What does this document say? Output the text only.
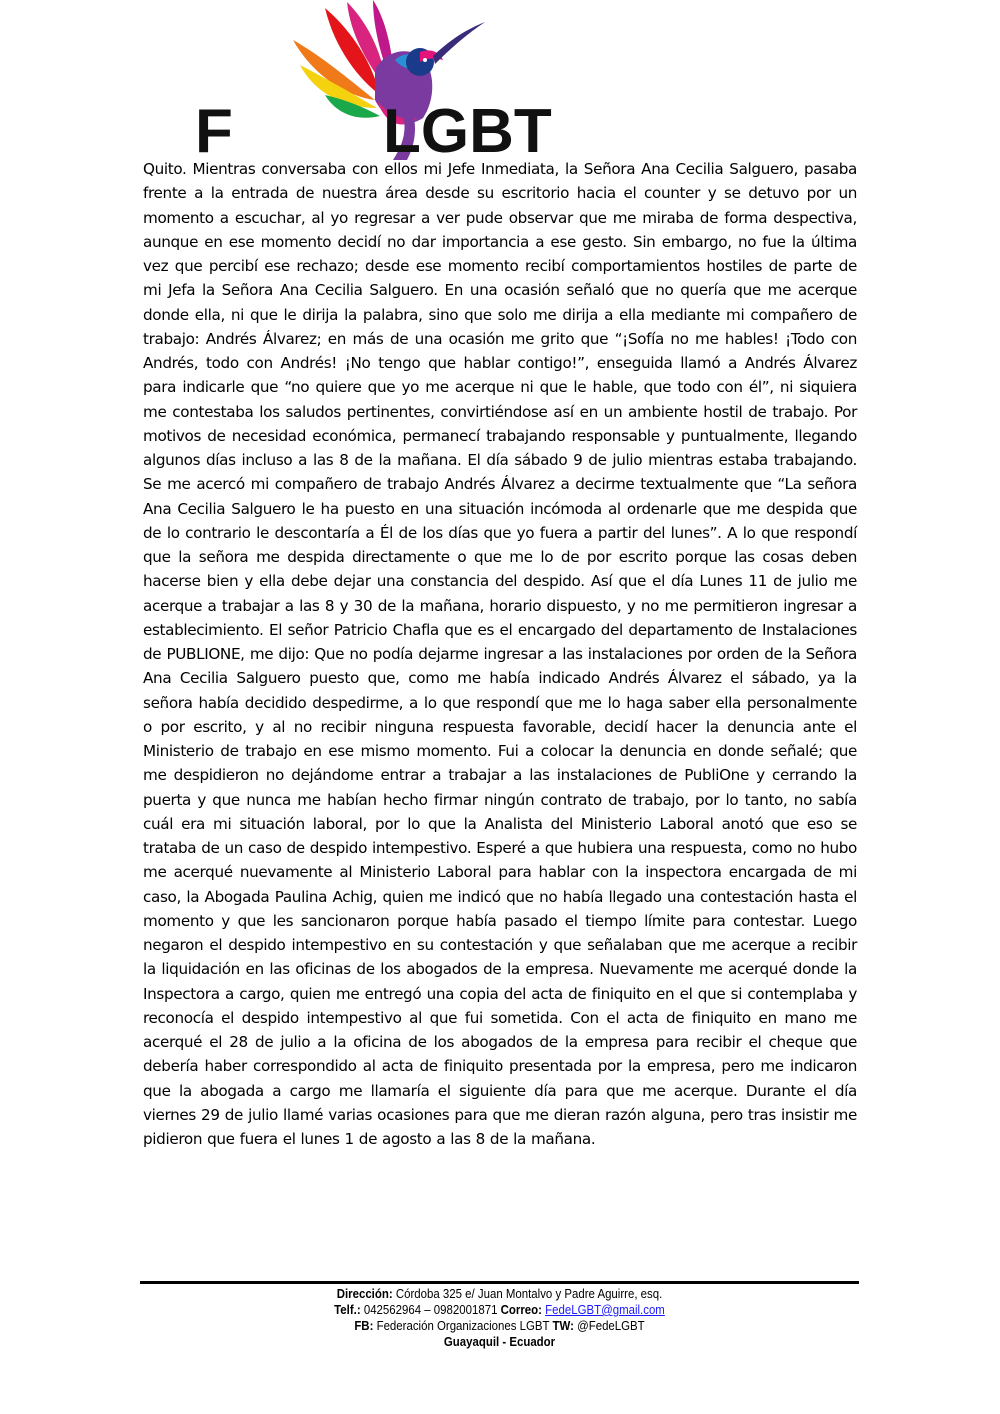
LGBT
F

Quito. Mientras conversaba con ellos mi Jefe Inmediata, la Señora Ana Cecilia Salguero, pasaba frente a la entrada de nuestra área desde su escritorio hacia el counter y se detuvo por un momento a escuchar, al yo regresar a ver pude observar que me miraba de forma despectiva, aunque en ese momento decidí no dar importancia a ese gesto. Sin embargo, no fue la última vez que percibí ese rechazo; desde ese momento recibí comportamientos hostiles de parte de mi Jefa la Señora Ana Cecilia Salguero. En una ocasión señaló que no quería que me acerque donde ella, ni que le dirija la palabra, sino que solo me dirija a ella mediante mi compañero de trabajo: Andrés Álvarez; en más de una ocasión me grito que “¡Sofía no me hables! ¡Todo con Andrés, todo con Andrés! ¡No tengo que hablar contigo!”, enseguida llamó a Andrés Álvarez para indicarle que “no quiere que yo me acerque ni que le hable, que todo con él”, ni siquiera me contestaba los saludos pertinentes, convirtiéndose así en un ambiente hostil de trabajo. Por motivos de necesidad económica, permanecí trabajando responsable y puntualmente, llegando algunos días incluso a las 8 de la mañana. El día sábado 9 de julio mientras estaba trabajando. Se me acercó mi compañero de trabajo Andrés Álvarez a decirme textualmente que “La señora Ana Cecilia Salguero le ha puesto en una situación incómoda al ordenarle que me despida que de lo contrario le descontaría a Él de los días que yo fuera a partir del lunes”. A lo que respondí que la señora me despida directamente o que me lo de por escrito porque las cosas deben hacerse bien y ella debe dejar una constancia del despido. Así que el día Lunes 11 de julio me acerque a trabajar a las 8 y 30 de la mañana, horario dispuesto, y no me permitieron ingresar a establecimiento. El señor Patricio Chafla que es el encargado del departamento de Instalaciones de PUBLIONE, me dijo: Que no podía dejarme ingresar a las instalaciones por orden de la Señora Ana Cecilia Salguero puesto que, como me había indicado Andrés Álvarez el sábado, ya la señora había decidido despedirme, a lo que respondí que me lo haga saber ella personalmente o por escrito, y al no recibir ninguna respuesta favorable, decidí hacer la denuncia ante el Ministerio de trabajo en ese mismo momento. Fui a colocar la denuncia en donde señalé; que me despidieron no dejándome entrar a trabajar a las instalaciones de PubliOne y cerrando la puerta y que nunca me habían hecho firmar ningún contrato de trabajo, por lo tanto, no sabía cuál era mi situación laboral, por lo que la Analista del Ministerio Laboral anotó que eso se trataba de un caso de despido intempestivo. Esperé a que hubiera una respuesta, como no hubo me acerqué nuevamente al Ministerio Laboral para hablar con la inspectora encargada de mi caso, la Abogada Paulina Achig, quien me indicó que no había llegado una contestación hasta el momento y que les sancionaron porque había pasado el tiempo límite para contestar. Luego negaron el despido intempestivo en su contestación y que señalaban que me acerque a recibir la liquidación en las oficinas de los abogados de la empresa. Nuevamente me acerqué donde la Inspectora a cargo, quien me entregó una copia del acta de finiquito en el que si contemplaba y reconocía el despido intempestivo al que fui sometida. Con el acta de finiquito en mano me acerqué el 28 de julio a la oficina de los abogados de la empresa para recibir el cheque que debería haber correspondido al acta de finiquito presentada por la empresa, pero me indicaron que la abogada a cargo me llamaría el siguiente día para que me acerque. Durante el día viernes 29 de julio llamé varias ocasiones para que me dieran razón alguna, pero tras insistir me pidieron que fuera el lunes 1 de agosto a las 8 de la mañana.

Dirección: Córdoba 325 e/ Juan Montalvo y Padre Aguirre, esq.
Telf.: 042562964 – 0982001871 Correo: FedeLGBT@gmail.com
FB: Federación Organizaciones LGBT TW: @FedeLGBT
Guayaquil - Ecuador
